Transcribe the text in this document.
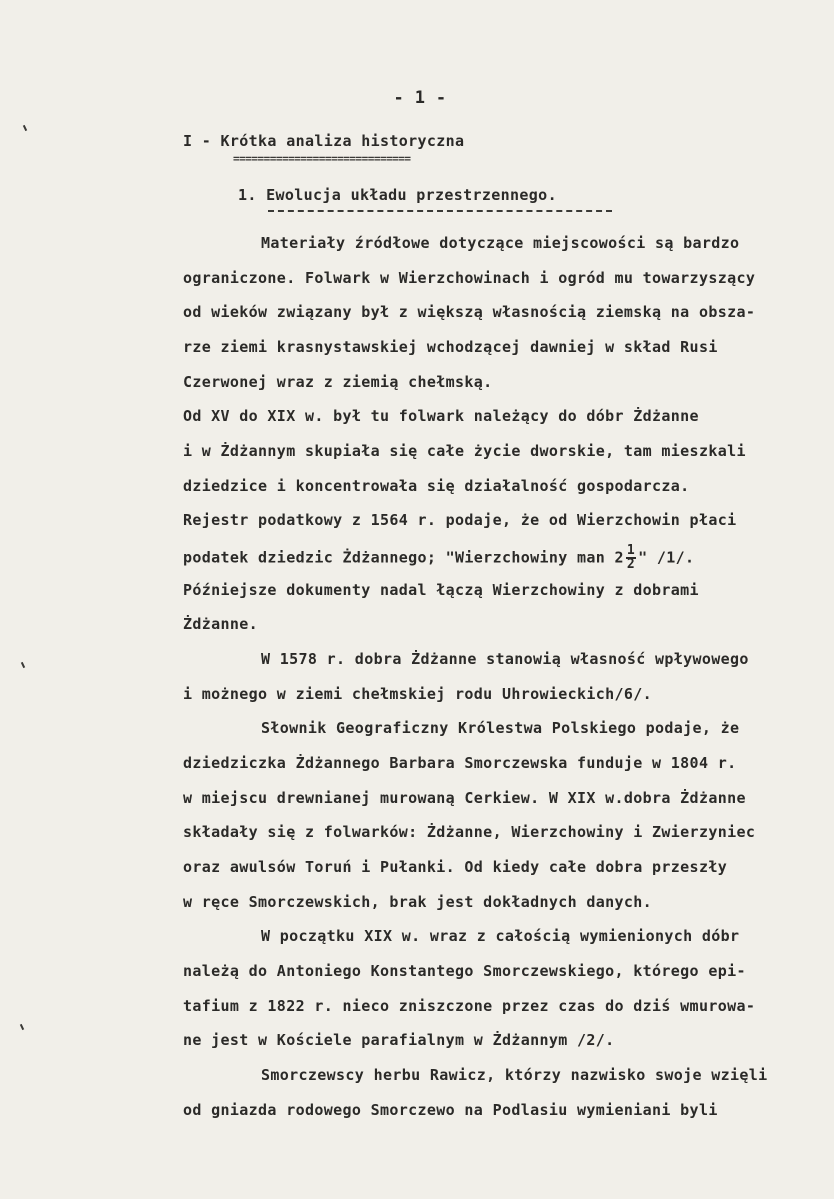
- 1 -
I - Krótka analiza historyczna
=============================
1. Ewolucja układu przestrzennego.
Materiały źródłowe dotyczące miejscowości są bardzo
ograniczone. Folwark w Wierzchowinach i ogród mu towarzyszący
od wieków związany był z większą własnością ziemską na obsza-
rze ziemi krasnystawskiej wchodzącej dawniej w skład Rusi
Czerwonej wraz z ziemią chełmską.
Od XV do XIX w. był tu folwark należący do dóbr Żdżanne
i w Żdżannym skupiała się całe życie dworskie, tam mieszkali
dziedzice i koncentrowała się działalność gospodarcza.
Rejestr podatkowy z 1564 r. podaje, że od Wierzchowin płaci
podatek dziedzic Żdżannego; "Wierzchowiny man $2 \frac{1}{2}$ " /1/.
Późniejsze dokumenty nadal łączą Wierzchowiny z dobrami
Żdżanne.
W 1578 r. dobra Żdżanne stanowią własność wpływowego
i możnego w ziemi chełmskiej rodu Uhrowieckich/6/.
Słownik Geograficzny Królestwa Polskiego podaje, że
dziedziczka Żdżannego Barbara Smorczewska funduje w 1804 r.
w miejscu drewnianej murowaną Cerkiew. W XIX w.dobra Żdżanne
składały się z folwarków: Żdżanne, Wierzchowiny i Zwierzyniec
oraz awulsów Toruń i Pułanki. Od kiedy całe dobra przeszły
w ręce Smorczewskich, brak jest dokładnych danych.
W początku XIX w. wraz z całością wymienionych dóbr
należą do Antoniego Konstantego Smorczewskiego, którego epi-
tafium z 1822 r. nieco zniszczone przez czas do dziś wmurowa-
ne jest w Kościele parafialnym w Żdżannym /2/.
Smorczewscy herbu Rawicz, którzy nazwisko swoje wzięli
od gniazda rodowego Smorczewo na Podlasiu wymieniani byli
